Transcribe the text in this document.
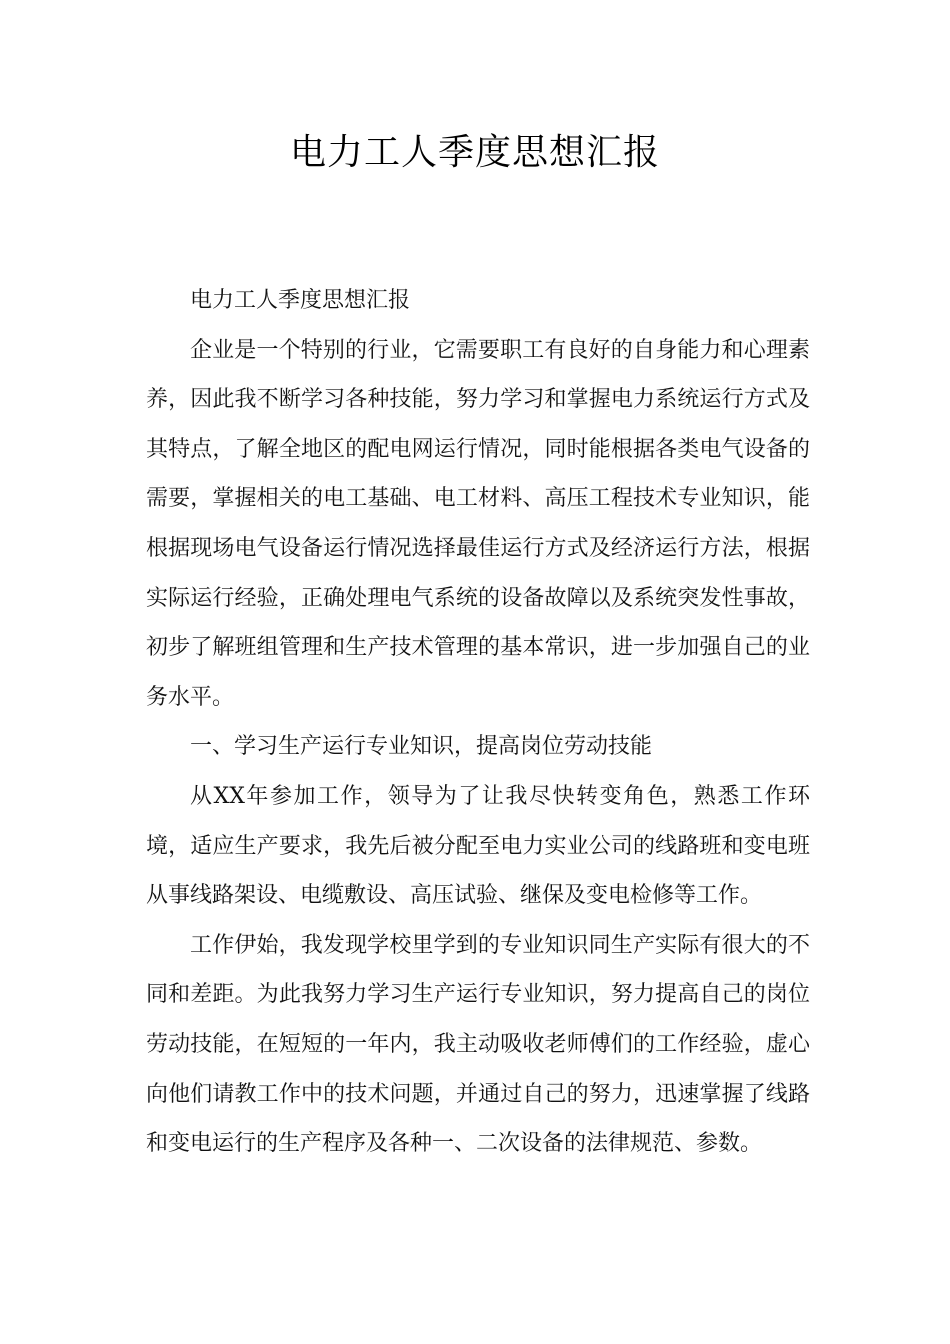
电力工人季度思想汇报

电力工人季度思想汇报

企业是一个特别的行业，它需要职工有良好的自身能力和心理素养，因此我不断学习各种技能，努力学习和掌握电力系统运行方式及其特点，了解全地区的配电网运行情况，同时能根据各类电气设备的需要，掌握相关的电工基础、电工材料、高压工程技术专业知识，能根据现场电气设备运行情况选择最佳运行方式及经济运行方法，根据实际运行经验，正确处理电气系统的设备故障以及系统突发性事故，初步了解班组管理和生产技术管理的基本常识，进一步加强自己的业务水平。

一、学习生产运行专业知识，提高岗位劳动技能

从XX年参加工作，领导为了让我尽快转变角色，熟悉工作环境，适应生产要求，我先后被分配至电力实业公司的线路班和变电班从事线路架设、电缆敷设、高压试验、继保及变电检修等工作。

工作伊始，我发现学校里学到的专业知识同生产实际有很大的不同和差距。为此我努力学习生产运行专业知识，努力提高自己的岗位劳动技能，在短短的一年内，我主动吸收老师傅们的工作经验，虚心向他们请教工作中的技术问题，并通过自己的努力，迅速掌握了线路和变电运行的生产程序及各种一、二次设备的法律规范、参数。
